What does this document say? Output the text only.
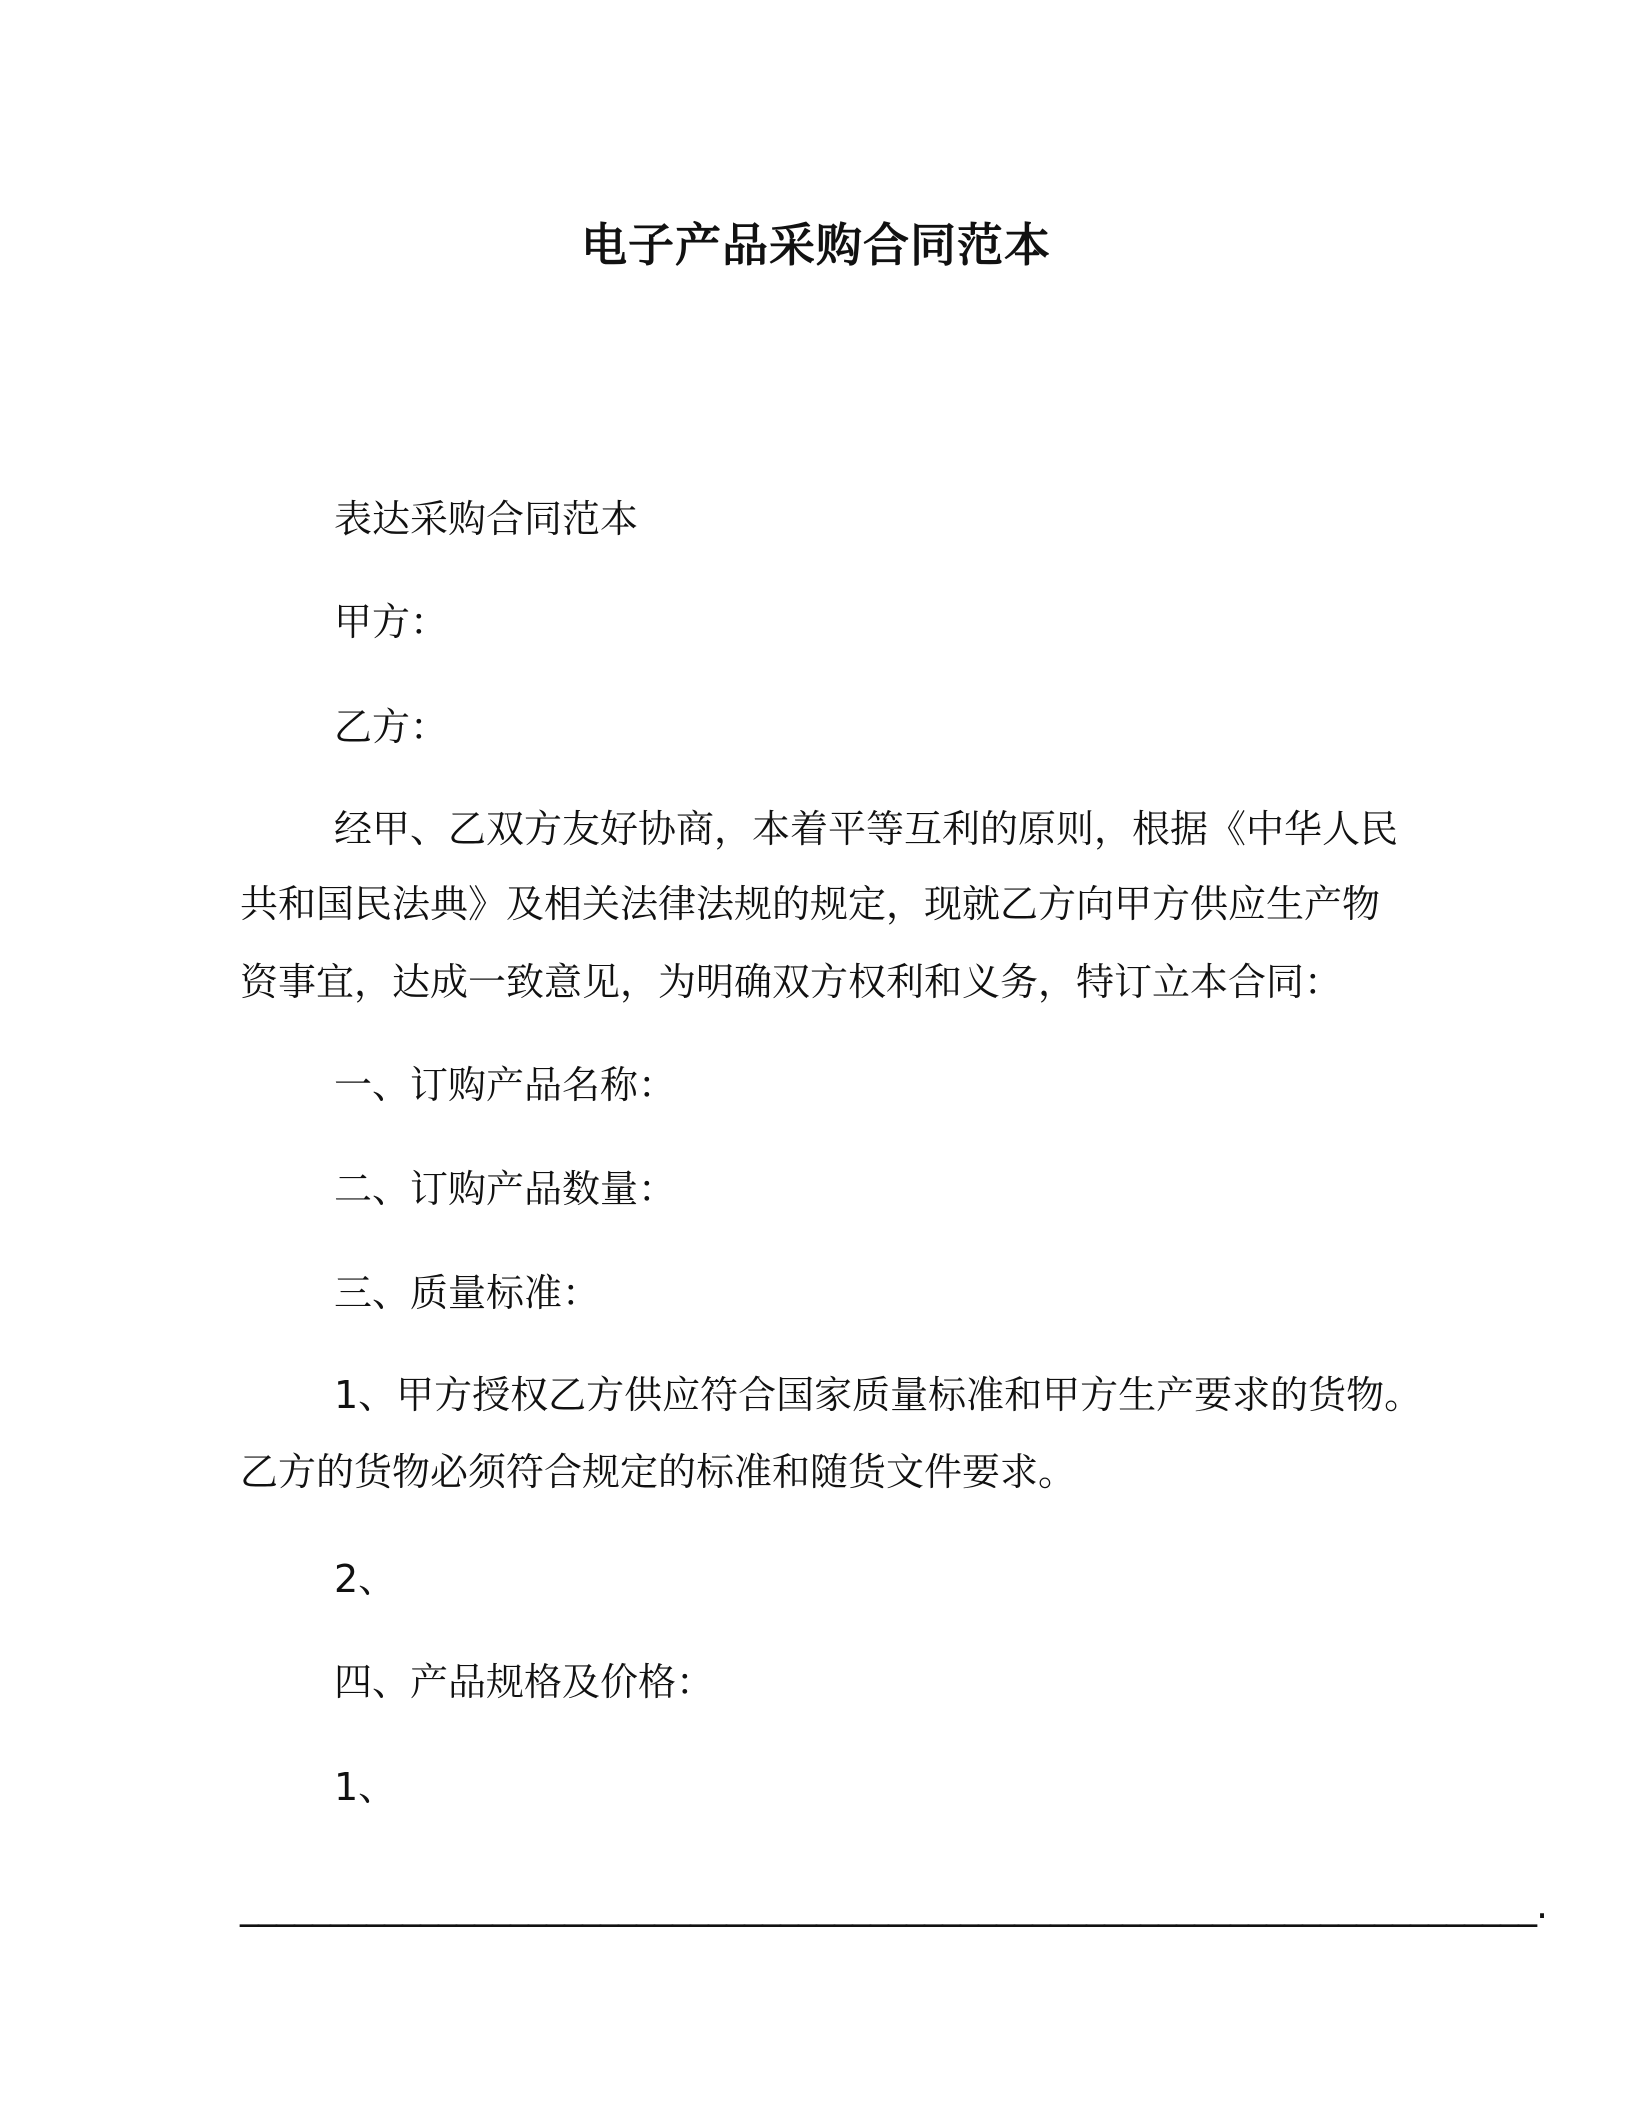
电子产品采购合同范本
表达采购合同范本
甲方：
乙方：
经甲、乙双方友好协商，本着平等互利的原则，根据《中华人民
共和国民法典》及相关法律法规的规定，现就乙方向甲方供应生产物
资事宜，达成一致意见，为明确双方权利和义务，特订立本合同：
一、订购产品名称：
二、订购产品数量：
三、质量标准：
1、甲方授权乙方供应符合国家质量标准和甲方生产要求的货物。
乙方的货物必须符合规定的标准和随货文件要求。
2、
四、产品规格及价格：
1、
________________________________________________________________________.
